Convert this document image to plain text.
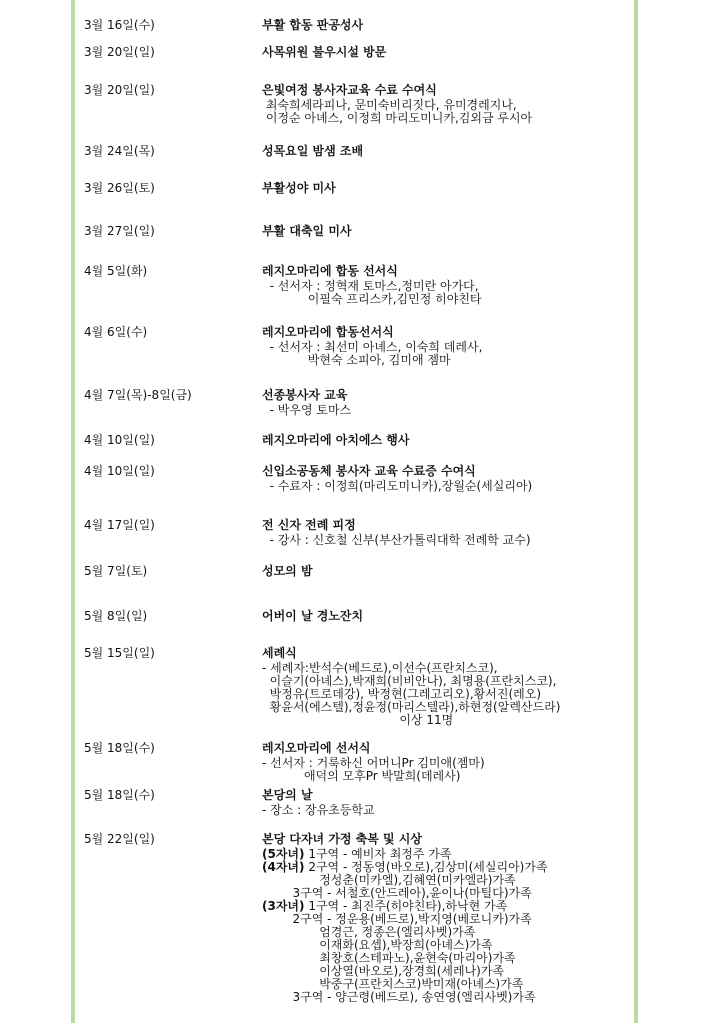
3월 16일(수)	부활 합동 판공성사
3월 20일(일)	사목위원 불우시설 방문
3월 20일(일)	은빛여정 봉사자교육 수료 수여식
최숙희세라피나, 문미숙비리짓다, 유미경레지나,
이정순 아녜스, 이정희 마리도미니카,김외금 루시아
3월 24일(목)	성목요일 밤샘 조배
3월 26일(토)	부활성야 미사
3월 27일(일)	부활 대축일 미사
4월 5일(화)	레지오마리에 합동 선서식
- 선서자 : 정혁재 토마스,정미란 아가다,
이필숙 프리스카,김민정 히야친타
4월 6일(수)	레지오마리에 합동선서식
- 선서자 : 최선미 아녜스, 이숙희 데레사,
박현숙 소피아, 김미애 젬마
4월 7일(목)-8일(금)	선종봉사자 교육
- 박우영 토마스
4월 10일(일)	레지오마리에 아치에스 행사
4월 10일(일)	신입소공동체 봉사자 교육 수료증 수여식
- 수료자 : 이정희(마리도미니카),장월순(세실리아)
4월 17일(일)	전 신자 전례 피정
- 강사 : 신호철 신부(부산가톨릭대학 전례학 교수)
5월 7일(토)	성모의 밤
5월 8일(일)	어버이 날 경노잔치
5월 15일(일)	세례식
- 세례자:반석수(베드로),이선수(프란치스코),
이슬기(아녜스),박재희(비비안나), 최명용(프란치스코),
박정유(트로데강), 박정현(그레고리오),황서진(레오)
황윤서(에스텔),정윤정(마리스텔라),하현정(알렉산드라)
이상 11명
5월 18일(수)	레지오마리에 선서식
- 선서자 : 거룩하신 어머니Pr 김미애(젬마)
애덕의 모후Pr 박말희(데레사)
5월 18일(수)	본당의 날
- 장소 : 장유초등학교
5월 22일(일)	본당 다자녀 가정 축복 및 시상
(5자녀) 1구역 - 예비자 최정주 가족
(4자녀) 2구역 - 정동영(바오로),김상미(세실리아)가족
정성춘(미카엘),김혜연(미카엘라)가족
3구역 - 서철호(안드레아),윤이나(마틸다)가족
(3자녀) 1구역 - 최진주(히야친타),하낙현 가족
2구역 - 정운용(베드로),박지영(베로니카)가족
엄경근, 정종은(엘리사벳)가족
이재화(요셉),박장희(아녜스)가족
최창호(스테파노),윤현숙(마리아)가족
이상열(바오로),장경희(세레나)가족
박중구(프란치스코)박미재(아녜스)가족
3구역 - 양근령(베드로), 송연영(엘리사벳)가족
